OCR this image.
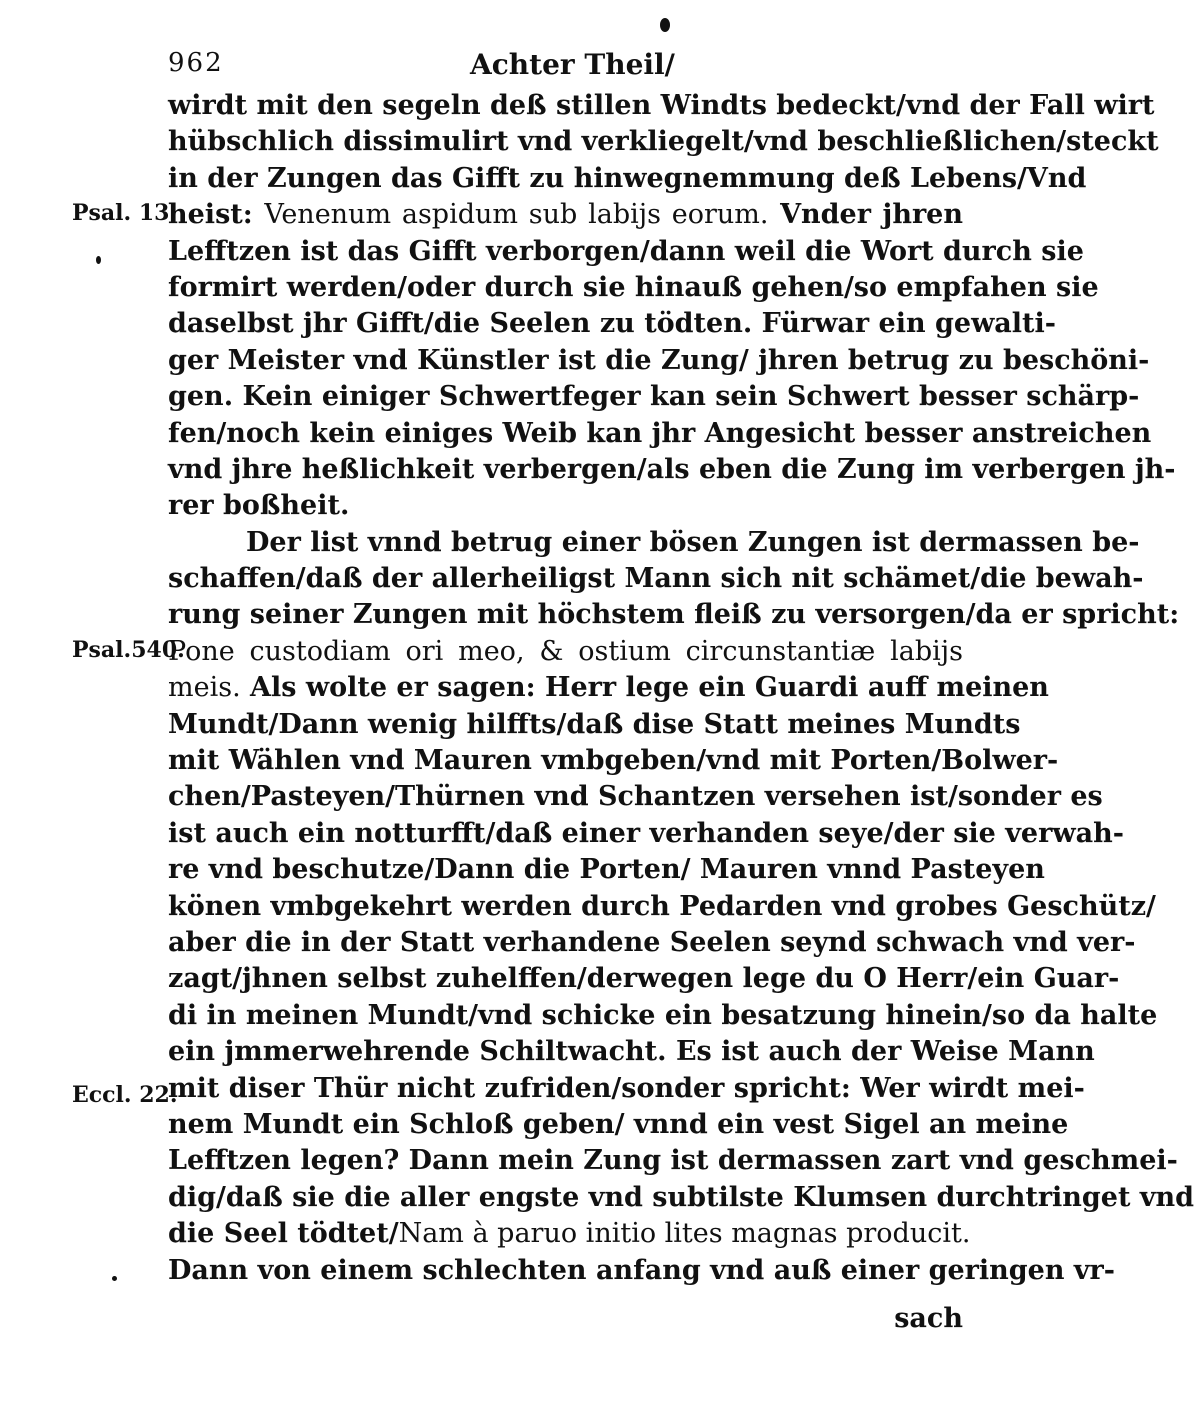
962	Achter Theil/
Psal. 13.
Psal.540.
Eccl. 22.
wirdt mit den segeln deß stillen Windts bedeckt/vnd der Fall wirt
hübschlich dissimulirt vnd verkliegelt/vnd beschließlichen/steckt
in der Zungen das Gifft zu hinwegnemmung deß Lebens/Vnd
heist: Venenum aspidum sub labijs eorum. Vnder jhren
Lefftzen ist das Gifft verborgen/dann weil die Wort durch sie
formirt werden/oder durch sie hinauß gehen/so empfahen sie
daselbst jhr Gifft/die Seelen zu tödten. Fürwar ein gewalti-
ger Meister vnd Künstler ist die Zung/ jhren betrug zu beschöni-
gen. Kein einiger Schwertfeger kan sein Schwert besser schärp-
fen/noch kein einiges Weib kan jhr Angesicht besser anstreichen
vnd jhre heßlichkeit verbergen/als eben die Zung im verbergen jh-
rer boßheit.
Der list vnnd betrug einer bösen Zungen ist dermassen be-
schaffen/daß der allerheiligst Mann sich nit schämet/die bewah-
rung seiner Zungen mit höchstem fleiß zu versorgen/da er spricht:
Pone custodiam ori meo, & ostium circunstantiæ labijs
meis. Als wolte er sagen: Herr lege ein Guardi auff meinen
Mundt/Dann wenig hilffts/daß dise Statt meines Mundts
mit Wählen vnd Mauren vmbgeben/vnd mit Porten/Bolwer-
chen/Pasteyen/Thürnen vnd Schantzen versehen ist/sonder es
ist auch ein notturfft/daß einer verhanden seye/der sie verwah-
re vnd beschutze/Dann die Porten/ Mauren vnnd Pasteyen
könen vmbgekehrt werden durch Pedarden vnd grobes Geschütz/
aber die in der Statt verhandene Seelen seynd schwach vnd ver-
zagt/jhnen selbst zuhelffen/derwegen lege du O Herr/ein Guar-
di in meinen Mundt/vnd schicke ein besatzung hinein/so da halte
ein jmmerwehrende Schiltwacht. Es ist auch der Weise Mann
mit diser Thür nicht zufriden/sonder spricht: Wer wirdt mei-
nem Mundt ein Schloß geben/ vnnd ein vest Sigel an meine
Lefftzen legen? Dann mein Zung ist dermassen zart vnd geschmei-
dig/daß sie die aller engste vnd subtilste Klumsen durchtringet vnd
die Seel tödtet/Nam à paruo initio lites magnas producit.
Dann von einem schlechten anfang vnd auß einer geringen vr-
sach
